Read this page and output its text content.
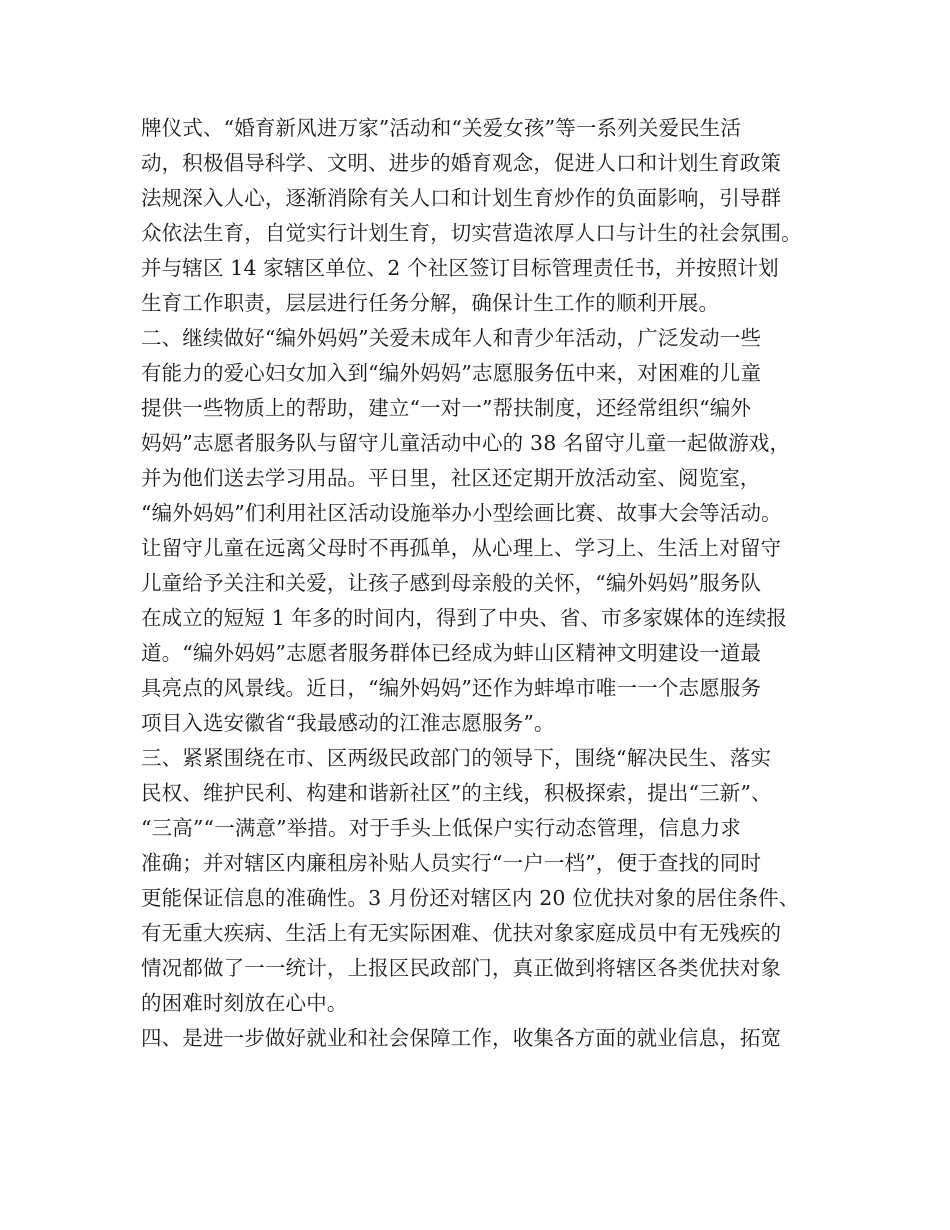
牌仪式、“婚育新风进万家”活动和“关爱女孩”等一系列关爱民生活
动，积极倡导科学、文明、进步的婚育观念，促进人口和计划生育政策
法规深入人心，逐渐消除有关人口和计划生育炒作的负面影响，引导群
众依法生育，自觉实行计划生育，切实营造浓厚人口与计生的社会氛围。
并与辖区 14 家辖区单位、2 个社区签订目标管理责任书，并按照计划
生育工作职责，层层进行任务分解，确保计生工作的顺利开展。
二、继续做好“编外妈妈”关爱未成年人和青少年活动，广泛发动一些
有能力的爱心妇女加入到“编外妈妈”志愿服务伍中来，对困难的儿童
提供一些物质上的帮助，建立“一对一”帮扶制度，还经常组织“编外
妈妈”志愿者服务队与留守儿童活动中心的 38 名留守儿童一起做游戏，
并为他们送去学习用品。平日里，社区还定期开放活动室、阅览室，
“编外妈妈”们利用社区活动设施举办小型绘画比赛、故事大会等活动。
让留守儿童在远离父母时不再孤单，从心理上、学习上、生活上对留守
儿童给予关注和关爱，让孩子感到母亲般的关怀，“编外妈妈”服务队
在成立的短短 1 年多的时间内，得到了中央、省、市多家媒体的连续报
道。“编外妈妈”志愿者服务群体已经成为蚌山区精神文明建设一道最
具亮点的风景线。近日，“编外妈妈”还作为蚌埠市唯一一个志愿服务
项目入选安徽省“我最感动的江淮志愿服务”。
三、紧紧围绕在市、区两级民政部门的领导下，围绕“解决民生、落实
民权、维护民利、构建和谐新社区”的主线，积极探索，提出“三新”、
“三高”“一满意”举措。对于手头上低保户实行动态管理，信息力求
准确；并对辖区内廉租房补贴人员实行“一户一档”，便于查找的同时
更能保证信息的准确性。3 月份还对辖区内 20 位优扶对象的居住条件、
有无重大疾病、生活上有无实际困难、优扶对象家庭成员中有无残疾的
情况都做了一一统计，上报区民政部门，真正做到将辖区各类优扶对象
的困难时刻放在心中。
四、是进一步做好就业和社会保障工作，收集各方面的就业信息，拓宽
